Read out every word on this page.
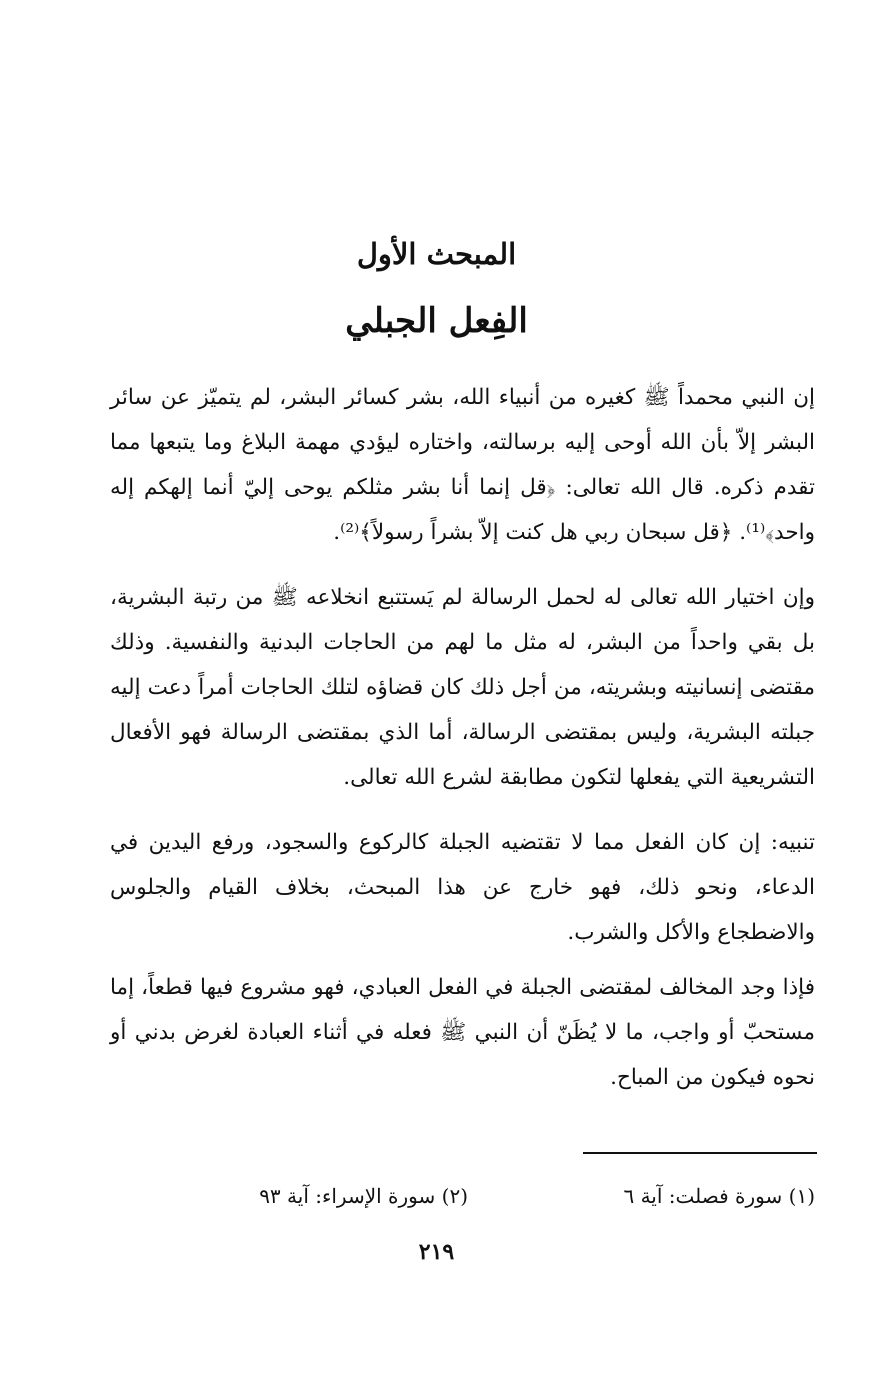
المبحث الأول
الفِعل الجبلي

إن النبي محمداً ﷺ كغيره من أنبياء الله، بشر كسائر البشر، لم يتميّز عن سائر البشر إلاّ بأن الله أوحى إليه برسالته، واختاره ليؤدي مهمة البلاغ وما يتبعها مما تقدم ذكره. قال الله تعالى: ﴿قل إنما أنا بشر مثلكم يوحى إليّ أنما إلهكم إله واحد﴾⁽¹⁾. ﴿قل سبحان ربي هل كنت إلاّ بشراً رسولاً﴾⁽²⁾.

وإن اختيار الله تعالى له لحمل الرسالة لم يَستتبع انخلاعه ﷺ من رتبة البشرية، بل بقي واحداً من البشر، له مثل ما لهم من الحاجات البدنية والنفسية. وذلك مقتضى إنسانيته وبشريته، من أجل ذلك كان قضاؤه لتلك الحاجات أمراً دعت إليه جبلته البشرية، وليس بمقتضى الرسالة، أما الذي بمقتضى الرسالة فهو الأفعال التشريعية التي يفعلها لتكون مطابقة لشرع الله تعالى.

تنبيه: إن كان الفعل مما لا تقتضيه الجبلة كالركوع والسجود، ورفع اليدين في الدعاء، ونحو ذلك، فهو خارج عن هذا المبحث، بخلاف القيام والجلوس والاضطجاع والأكل والشرب.

فإذا وجد المخالف لمقتضى الجبلة في الفعل العبادي، فهو مشروع فيها قطعاً، إما مستحبّ أو واجب، ما لا يُظَنّ أن النبي ﷺ فعله في أثناء العبادة لغرض بدني أو نحوه فيكون من المباح.

(١) سورة فصلت: آية ٦

(٢) سورة الإسراء: آية ٩٣

٢١٩
